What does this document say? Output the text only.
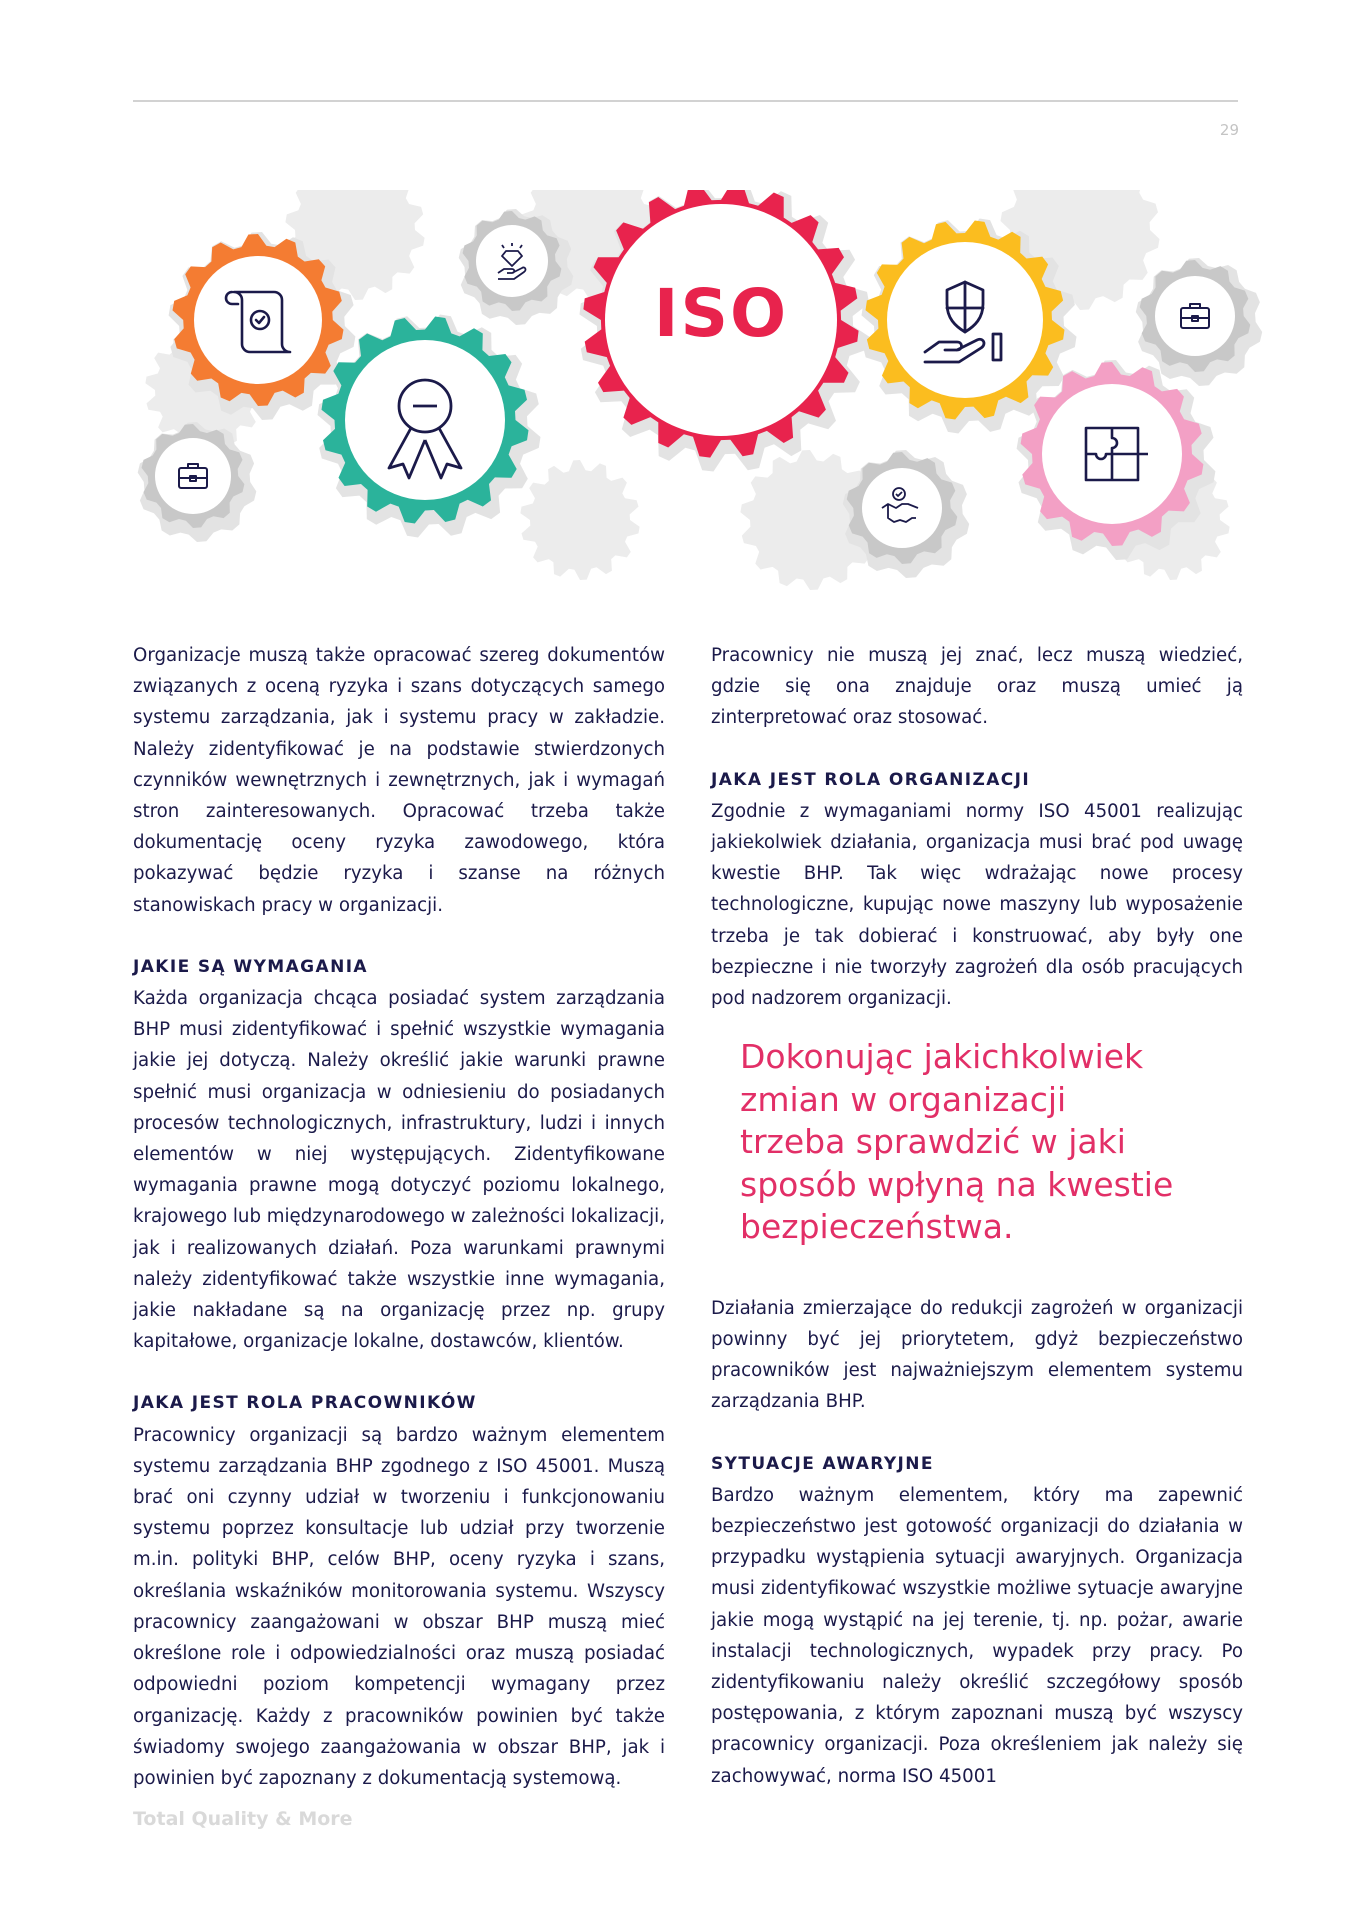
29
ISO

Organizacje muszą także opracować szereg dokumentów związanych z oceną ryzyka i szans dotyczących samego systemu zarządzania, jak i systemu pracy w zakładzie. Należy zidentyfikować je na podstawie stwierdzonych czynników wewnętrznych i zewnętrznych, jak i wymagań stron zainteresowanych. Opracować trzeba także dokumentację oceny ryzyka zawodowego, która pokazywać będzie ryzyka i szanse na różnych stanowiskach pracy w organizacji.

JAKIE SĄ WYMAGANIA

Każda organizacja chcąca posiadać system zarządzania BHP musi zidentyfikować i spełnić wszystkie wymagania jakie jej dotyczą. Należy określić jakie warunki prawne spełnić musi organizacja w odniesieniu do posiadanych procesów technologicznych, infrastruktury, ludzi i innych elementów w niej występujących. Zidentyfikowane wymagania prawne mogą dotyczyć poziomu lokalnego, krajowego lub międzynarodowego w zależności lokalizacji, jak i realizowanych działań. Poza warunkami prawnymi należy zidentyfikować także wszystkie inne wymagania, jakie nakładane są na organizację przez np. grupy kapitałowe, organizacje lokalne, dostawców, klientów.

JAKA JEST ROLA PRACOWNIKÓW

Pracownicy organizacji są bardzo ważnym elementem systemu zarządzania BHP zgodnego z ISO 45001. Muszą brać oni czynny udział w tworzeniu i funkcjonowaniu systemu poprzez konsultacje lub udział przy tworzenie m.in. polityki BHP, celów BHP, oceny ryzyka i szans, określania wskaźników monitorowania systemu. Wszyscy pracownicy zaangażowani w obszar BHP muszą mieć określone role i odpowiedzialności oraz muszą posiadać odpowiedni poziom kompetencji wymagany przez organizację. Każdy z pracowników powinien być także świadomy swojego zaangażowania w obszar BHP, jak i powinien być zapoznany z dokumentacją systemową.

Pracownicy nie muszą jej znać, lecz muszą wiedzieć, gdzie się ona znajduje oraz muszą umieć ją zinterpretować oraz stosować.

JAKA JEST ROLA ORGANIZACJI

Zgodnie z wymaganiami normy ISO 45001 realizując jakiekolwiek działania, organizacja musi brać pod uwagę kwestie BHP. Tak więc wdrażając nowe procesy technologiczne, kupując nowe maszyny lub wyposażenie trzeba je tak dobierać i konstruować, aby były one bezpieczne i nie tworzyły zagrożeń dla osób pracujących pod nadzorem organizacji.

Dokonując jakichkolwiek zmian w organizacji trzeba sprawdzić w jaki sposób wpłyną na kwestie bezpieczeństwa.

Działania zmierzające do redukcji zagrożeń w organizacji powinny być jej priorytetem, gdyż bezpieczeństwo pracowników jest najważniejszym elementem systemu zarządzania BHP.

SYTUACJE AWARYJNE

Bardzo ważnym elementem, który ma zapewnić bezpieczeństwo jest gotowość organizacji do działania w przypadku wystąpienia sytuacji awaryjnych. Organizacja musi zidentyfikować wszystkie możliwe sytuacje awaryjne jakie mogą wystąpić na jej terenie, tj. np. pożar, awarie instalacji technologicznych, wypadek przy pracy. Po zidentyfikowaniu należy określić szczegółowy sposób postępowania, z którym zapoznani muszą być wszyscy pracownicy organizacji. Poza określeniem jak należy się zachowywać, norma ISO 45001

Total Quality & More
